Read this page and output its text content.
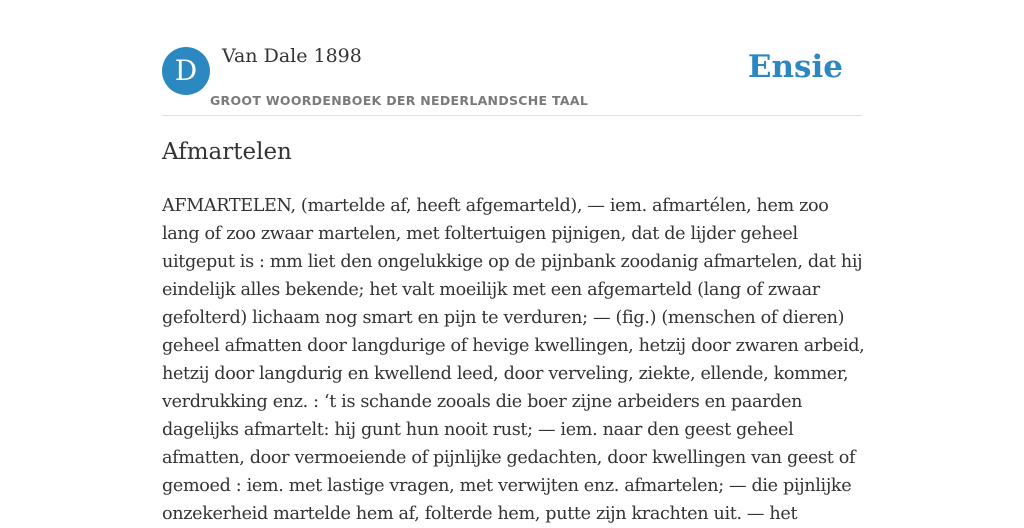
D	Van Dale 1898
GROOT WOORDENBOEK DER NEDERLANDSCHE TAAL
Ensie
Afmartelen

AFMARTELEN, (martelde af, heeft afgemarteld), — iem. afmartélen, hem zoo lang of zoo zwaar martelen, met foltertuigen pijnigen, dat de lijder geheel uitgeput is : mm liet den ongelukkige op de pijnbank zoodanig afmartelen, dat hij eindelijk alles bekende; het valt moeilijk met een afgemarteld (lang of zwaar gefolterd) lichaam nog smart en pijn te verduren; — (fig.) (menschen of dieren) geheel afmatten door langdurige of hevige kwellingen, hetzij door zwaren arbeid, hetzij door langdurig en kwellend leed, door verveling, ziekte, ellende, kommer, verdrukking enz. : ‘t is schande zooals die boer zijne arbeiders en paarden dagelijks afmartelt: hij gunt hun nooit rust; — iem. naar den geest geheel afmatten, door vermoeiende of pijnlijke gedachten, door kwellingen van geest of gemoed : iem. met lastige vragen, met verwijten enz. afmartelen; — die pijnlijke onzekerheid martelde hem af, folterde hem, putte zijn krachten uit. — het
